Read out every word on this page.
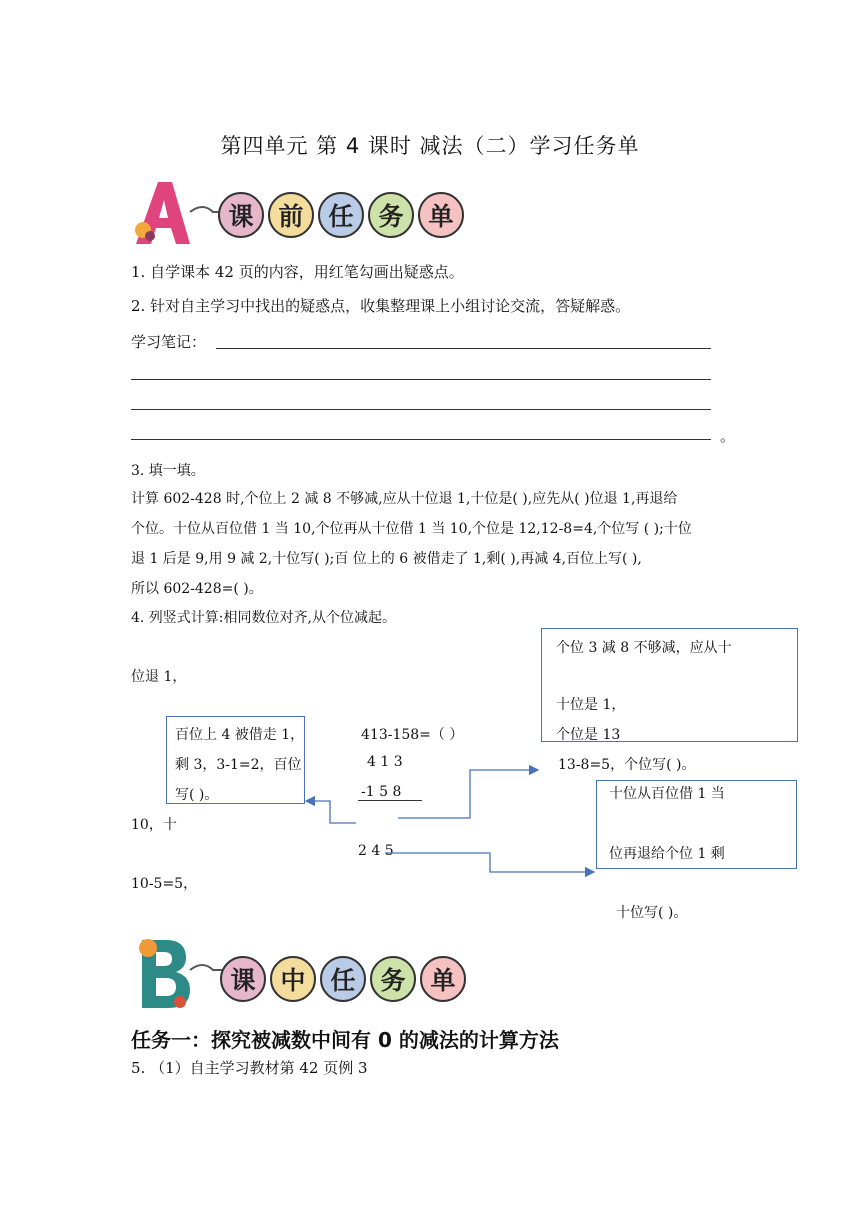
第四单元 第 4 课时 减法（二）学习任务单
课 前 任 务 单
1. 自学课本 42 页的内容，用红笔勾画出疑惑点。
2. 针对自主学习中找出的疑惑点，收集整理课上小组讨论交流，答疑解惑。
学习笔记：
。
3. 填一填。
计算 602-428 时,个位上 2 减 8 不够减,应从十位退 1,十位是( ),应先从( )位退 1,再退给
个位。十位从百位借 1 当 10,个位再从十位借 1 当 10,个位是 12,12-8=4,个位写 ( );十位
退 1 后是 9,用 9 减 2,十位写( );百 位上的 6 被借走了 1,剩( ),再减 4,百位上写( ),
所以 602-428=( )。
4. 列竖式计算:相同数位对齐,从个位减起。
个位 3 减 8 不够减，应从十
十位是 1，
个位是 13
位退 1，
百位上 4 被借走 1，
剩 3，3-1=2，百位
写( )。
413-158=（ ）
4 1 3
-1 5 8
13-8=5，个位写( )。
十位从百位借 1 当
位再退给个位 1 剩
10，十
2 4 5
10-5=5，
十位写( )。
课 中 任 务 单
任务一：探究被减数中间有 0 的减法的计算方法
5. （1）自主学习教材第 42 页例 3
